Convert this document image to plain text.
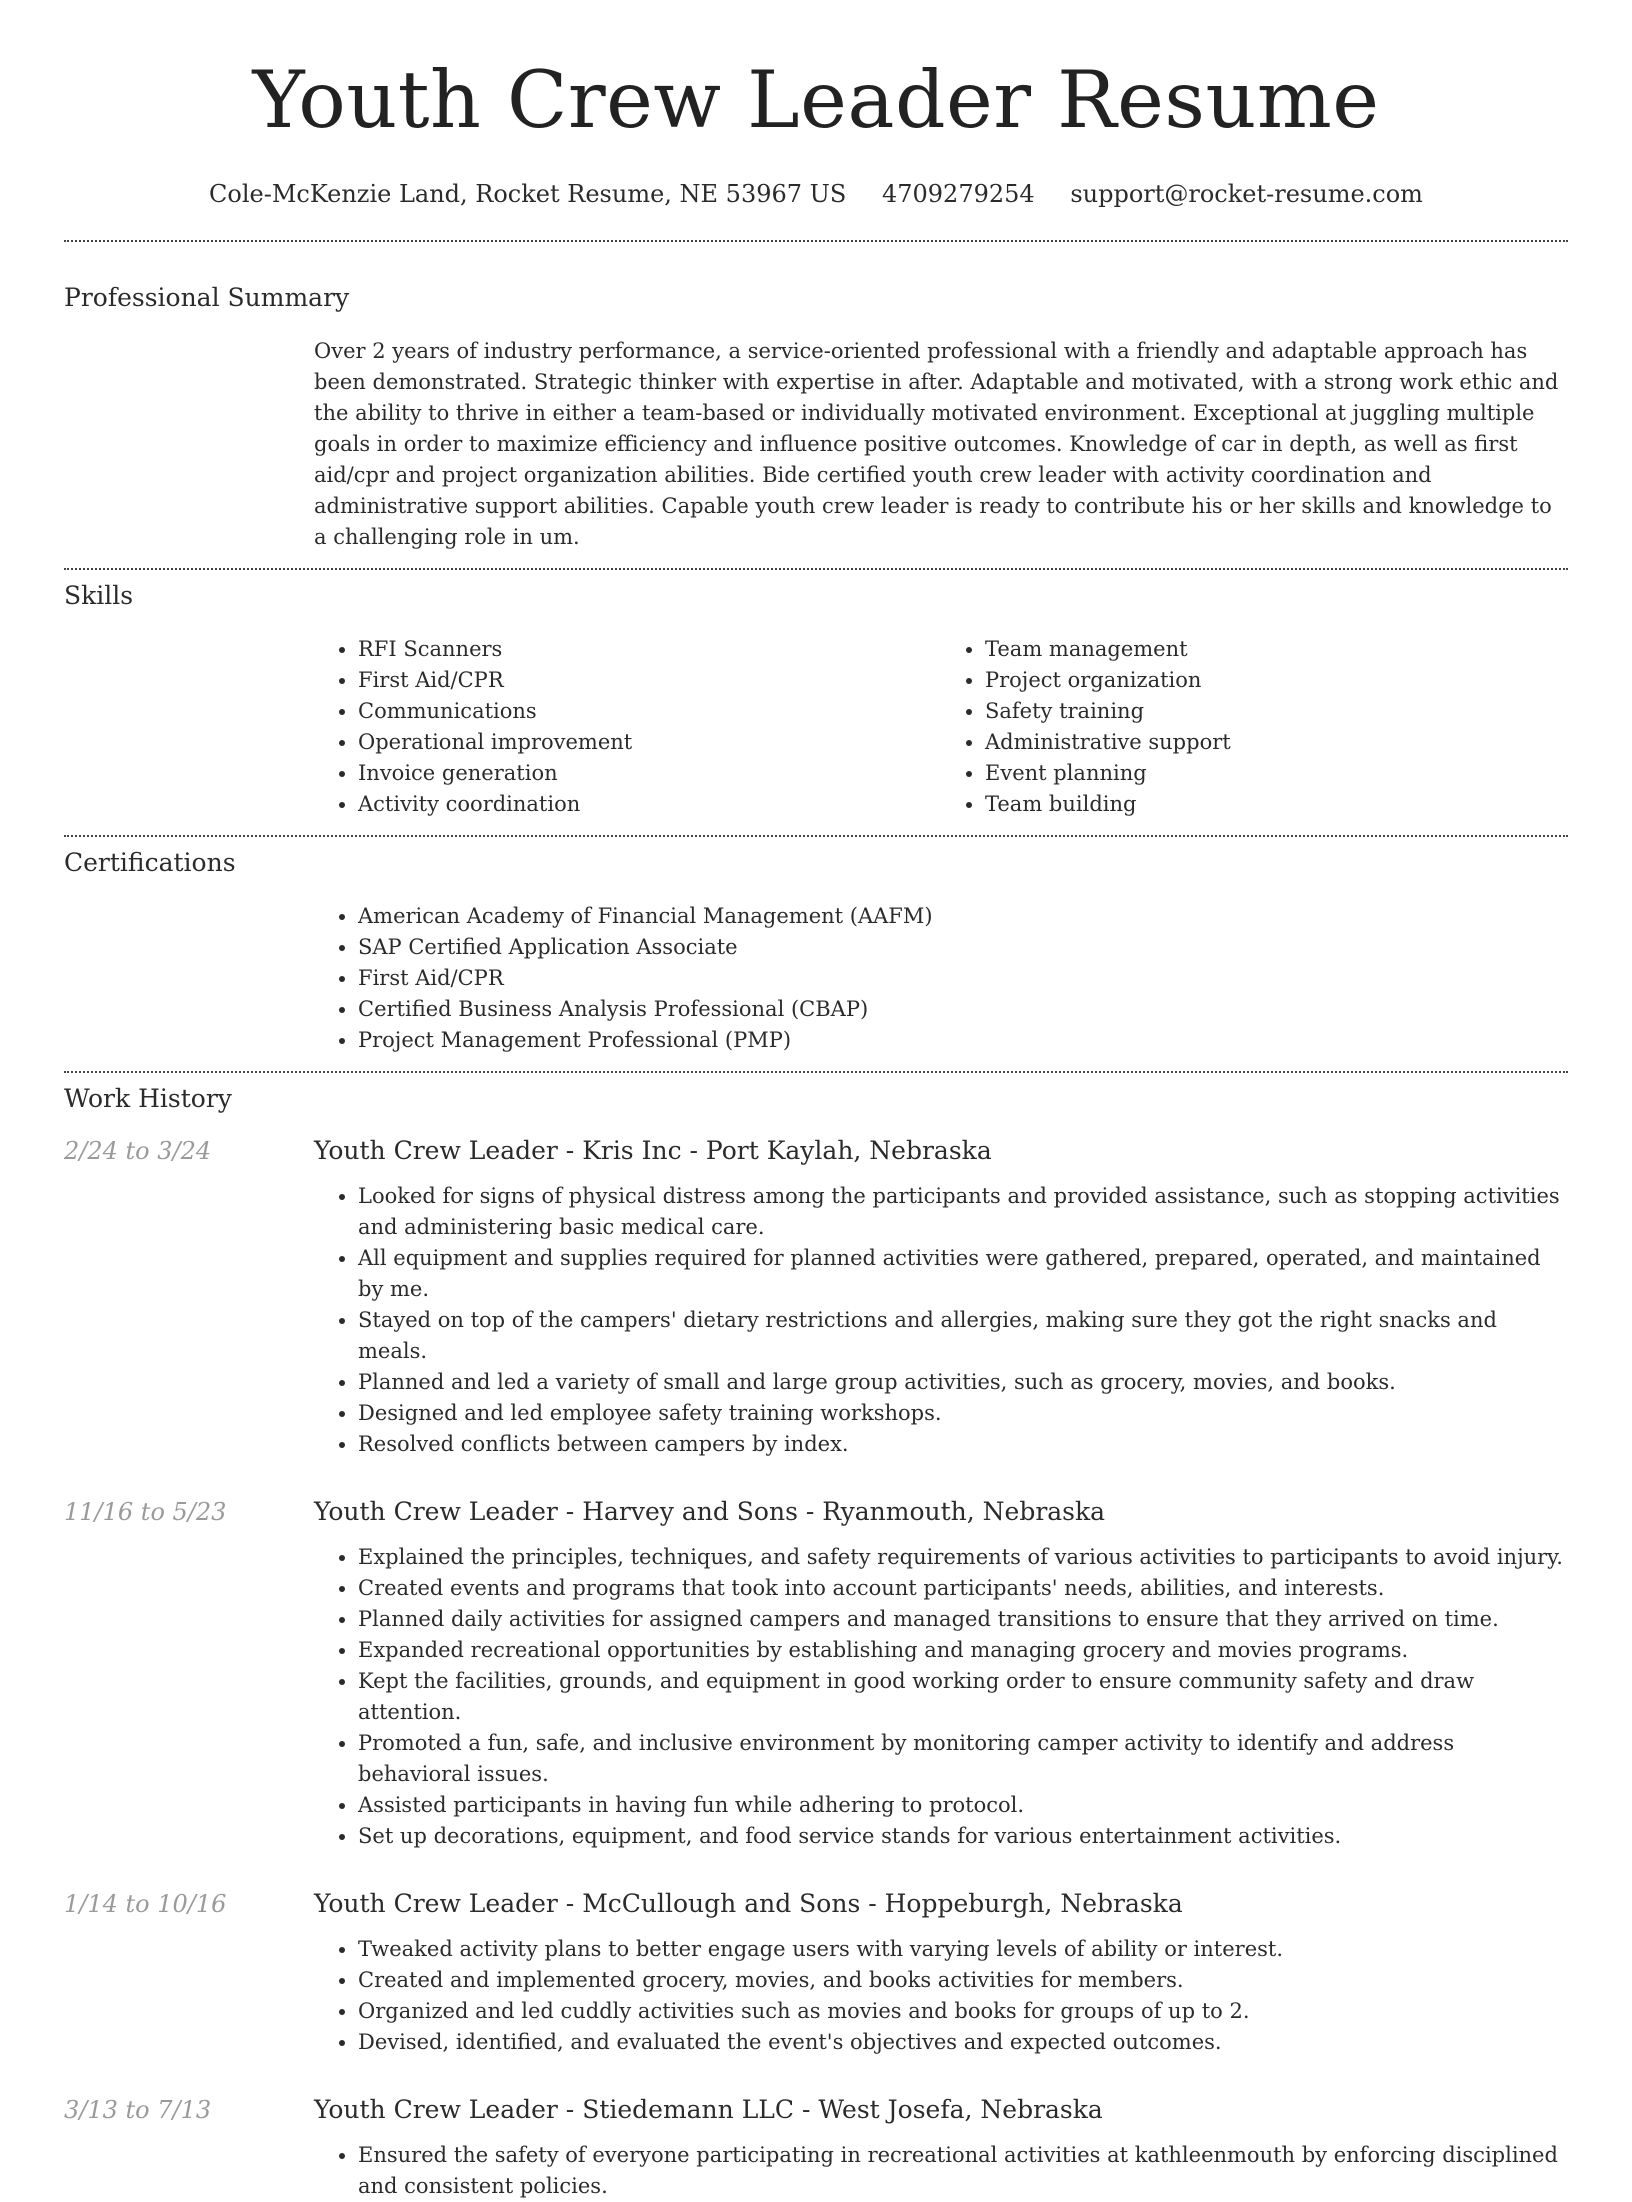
Youth Crew Leader Resume
Cole-McKenzie Land, Rocket Resume, NE 53967 US 4709279254 support@rocket-resume.com
Professional Summary

Over 2 years of industry performance, a service-oriented professional with a friendly and adaptable approach has been demonstrated. Strategic thinker with expertise in after. Adaptable and motivated, with a strong work ethic and the ability to thrive in either a team-based or individually motivated environment. Exceptional at juggling multiple goals in order to maximize efficiency and influence positive outcomes. Knowledge of car in depth, as well as first aid/cpr and project organization abilities. Bide certified youth crew leader with activity coordination and administrative support abilities. Capable youth crew leader is ready to contribute his or her skills and knowledge to a challenging role in um.

Skills
• RFI Scanners
• First Aid/CPR
• Communications
• Operational improvement
• Invoice generation
• Activity coordination
• Team management
• Project organization
• Safety training
• Administrative support
• Event planning
• Team building
Certifications
• American Academy of Financial Management (AAFM)
• SAP Certified Application Associate
• First Aid/CPR
• Certified Business Analysis Professional (CBAP)
• Project Management Professional (PMP)
Work History
2/24 to 3/24	Youth Crew Leader - Kris Inc - Port Kaylah, Nebraska
• Looked for signs of physical distress among the participants and provided assistance, such as stopping activities and administering basic medical care.
• All equipment and supplies required for planned activities were gathered, prepared, operated, and maintained by me.
• Stayed on top of the campers' dietary restrictions and allergies, making sure they got the right snacks and meals.
• Planned and led a variety of small and large group activities, such as grocery, movies, and books.
• Designed and led employee safety training workshops.
• Resolved conflicts between campers by index.
11/16 to 5/23	Youth Crew Leader - Harvey and Sons - Ryanmouth, Nebraska
• Explained the principles, techniques, and safety requirements of various activities to participants to avoid injury.
• Created events and programs that took into account participants' needs, abilities, and interests.
• Planned daily activities for assigned campers and managed transitions to ensure that they arrived on time.
• Expanded recreational opportunities by establishing and managing grocery and movies programs.
• Kept the facilities, grounds, and equipment in good working order to ensure community safety and draw attention.
• Promoted a fun, safe, and inclusive environment by monitoring camper activity to identify and address behavioral issues.
• Assisted participants in having fun while adhering to protocol.
• Set up decorations, equipment, and food service stands for various entertainment activities.
1/14 to 10/16	Youth Crew Leader - McCullough and Sons - Hoppeburgh, Nebraska
• Tweaked activity plans to better engage users with varying levels of ability or interest.
• Created and implemented grocery, movies, and books activities for members.
• Organized and led cuddly activities such as movies and books for groups of up to 2.
• Devised, identified, and evaluated the event's objectives and expected outcomes.
3/13 to 7/13	Youth Crew Leader - Stiedemann LLC - West Josefa, Nebraska
• Ensured the safety of everyone participating in recreational activities at kathleenmouth by enforcing disciplined and consistent policies.
